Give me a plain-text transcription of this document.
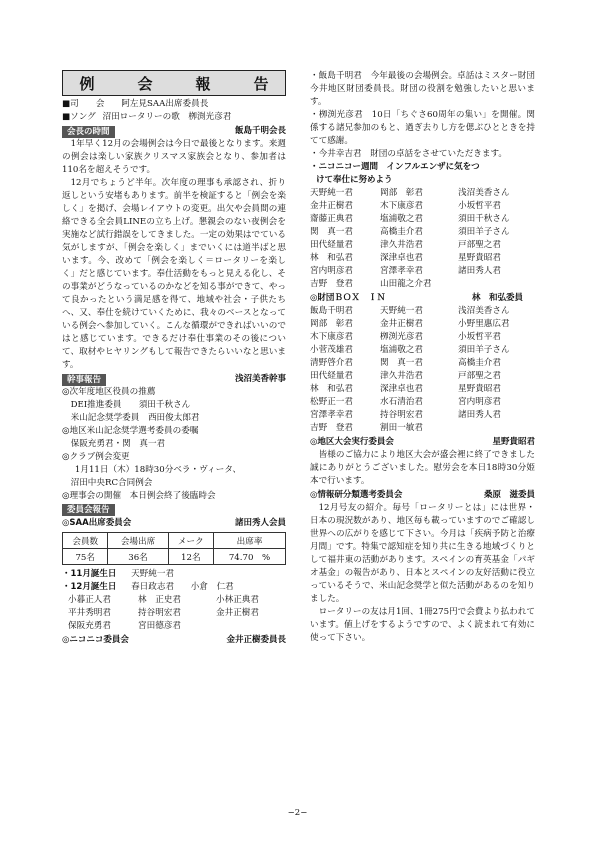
例　会　報　告
■司　　会 阿左見SAA出席委員長
■ソング 沼田ロータリーの歌　栁渕光彦君
会長の時間	飯島千明会長

1年早く12月の会場例会は今日で最後となります。来週の例会は楽しい家族クリスマス家族会となり、参加者は110名を超えそうです。

12月でちょうど半年。次年度の理事も承認され、折り返しという安堵もあります。前半を検証すると「例会を楽しく」を掲げ、会場レイアウトの変更。出欠や会員間の連絡できる全会員LINEの立ち上げ。懇親会のない夜例会を実施など試行錯誤をしてきました。一定の効果はでている気がしますが、「例会を楽しく」までいくには道半ばと思います。今、改めて「例会を楽しく＝ロータリーを楽しく」だと感じています。奉仕活動をもっと見える化し、その事業がどうなっているのかなどを知る事ができて、やって良かったという満足感を得て、地域や社会・子供たちへ、又、奉仕を続けていくために、我々のベースとなっている例会へ参加していく。こんな循環ができればいいのではと感じています。できるだけ奉仕事業のその後について、取材やヒヤリングもして報告できたらいいなと思います。

幹事報告	浅沼美香幹事
◎次年度地区役員の推薦
DEI推進委員　　須田千秋さん
米山記念奨学委員　西田俊太郎君
◎地区米山記念奨学選考委員の委嘱
保阪充勇君・関　真一君
◎クラブ例会変更
1月11日（木）18時30分ベラ・ヴィータ、
沼田中央RC合同例会
◎理事会の開催　本日例会終了後臨時会
委員会報告
◎SAA出席委員会	諸田秀人会員
会員数	会場出席	メーク	出席率
75名	36名	12名	74.70　%
・11月誕生日 天野純一君
・12月誕生日 春日政志君 小倉　仁君
小暮正人君	林　正史君	小林正典君
平井秀明君	持谷明宏君	金井正樹君
保阪充勇君	宮田德彦君
◎ニコニコ委員会	金井正樹委員長

・飯島千明君　今年最後の会場例会。卓話はミスター財団今井地区財団委員長。財団の役割を勉強したいと思います。

・栁渕光彦君　10日「ちぐさ60周年の集い」を開催。関係する諸兄参加のもと、過ぎ去りし方を偲ぶひとときを持てて感謝。

・今井幸吉君　財団の卓話をさせていただきます。

・ニコニコー週間　インフルエンザに気をつ
けて奉仕に努めよう
天野純一君	岡部　彰君	浅沼美香さん
金井正樹君	木下康彦君	小坂哲平君
齋藤正典君	塩浦敬之君	須田千秋さん
関　真一君	高橋圭介君	須田羊子さん
田代経量君	津久井浩君	戸部聖之君
林　和弘君	深津卓也君	星野貴昭君
宮内明彦君	宮澤孝幸君	諸田秀人君
吉野　登君	山田龍之介君
◎財団ＢＯＸ　ＩＮ	林　和弘委員
飯島千明君	天野純一君	浅沼美香さん
岡部　彰君	金井正樹君	小野里惠広君
木下康彦君	栁渕光彦君	小坂哲平君
小菅茂雄君	塩浦敬之君	須田羊子さん
清野啓介君	関　真一君	高橋圭介君
田代経量君	津久井浩君	戸部聖之君
林　和弘君	深津卓也君	星野貴昭君
松野正一君	水石清治君	宮内明彦君
宮澤孝幸君	持谷明宏君	諸田秀人君
吉野　登君	割田一敏君
◎地区大会実行委員会	星野貴昭君

皆様のご協力により地区大会が盛会裡に終了できました誠にありがとうございました。慰労会を本日18時30分姫本で行います。

◎情報研分類選考委員会	桑原　滋委員

12月号友の紹介。毎号「ロータリーとは」には世界・日本の現況数があり、地区毎も載っていますのでご確認し世界への広がりを感じて下さい。今月は「疾病予防と治療月間」です。特集で認知症を知り共に生きる地域づくりとして福井東の活動があります。スペインの育英基金「パギオ基金」の報告があり、日本とスペインの友好活動に役立っているそうで、米山記念奨学と似た活動があるのを知りました。

ロータリーの友は月1回、1冊275円で会費より払われています。値上げをするようですので、よく読まれて有効に使って下さい。

−2−
